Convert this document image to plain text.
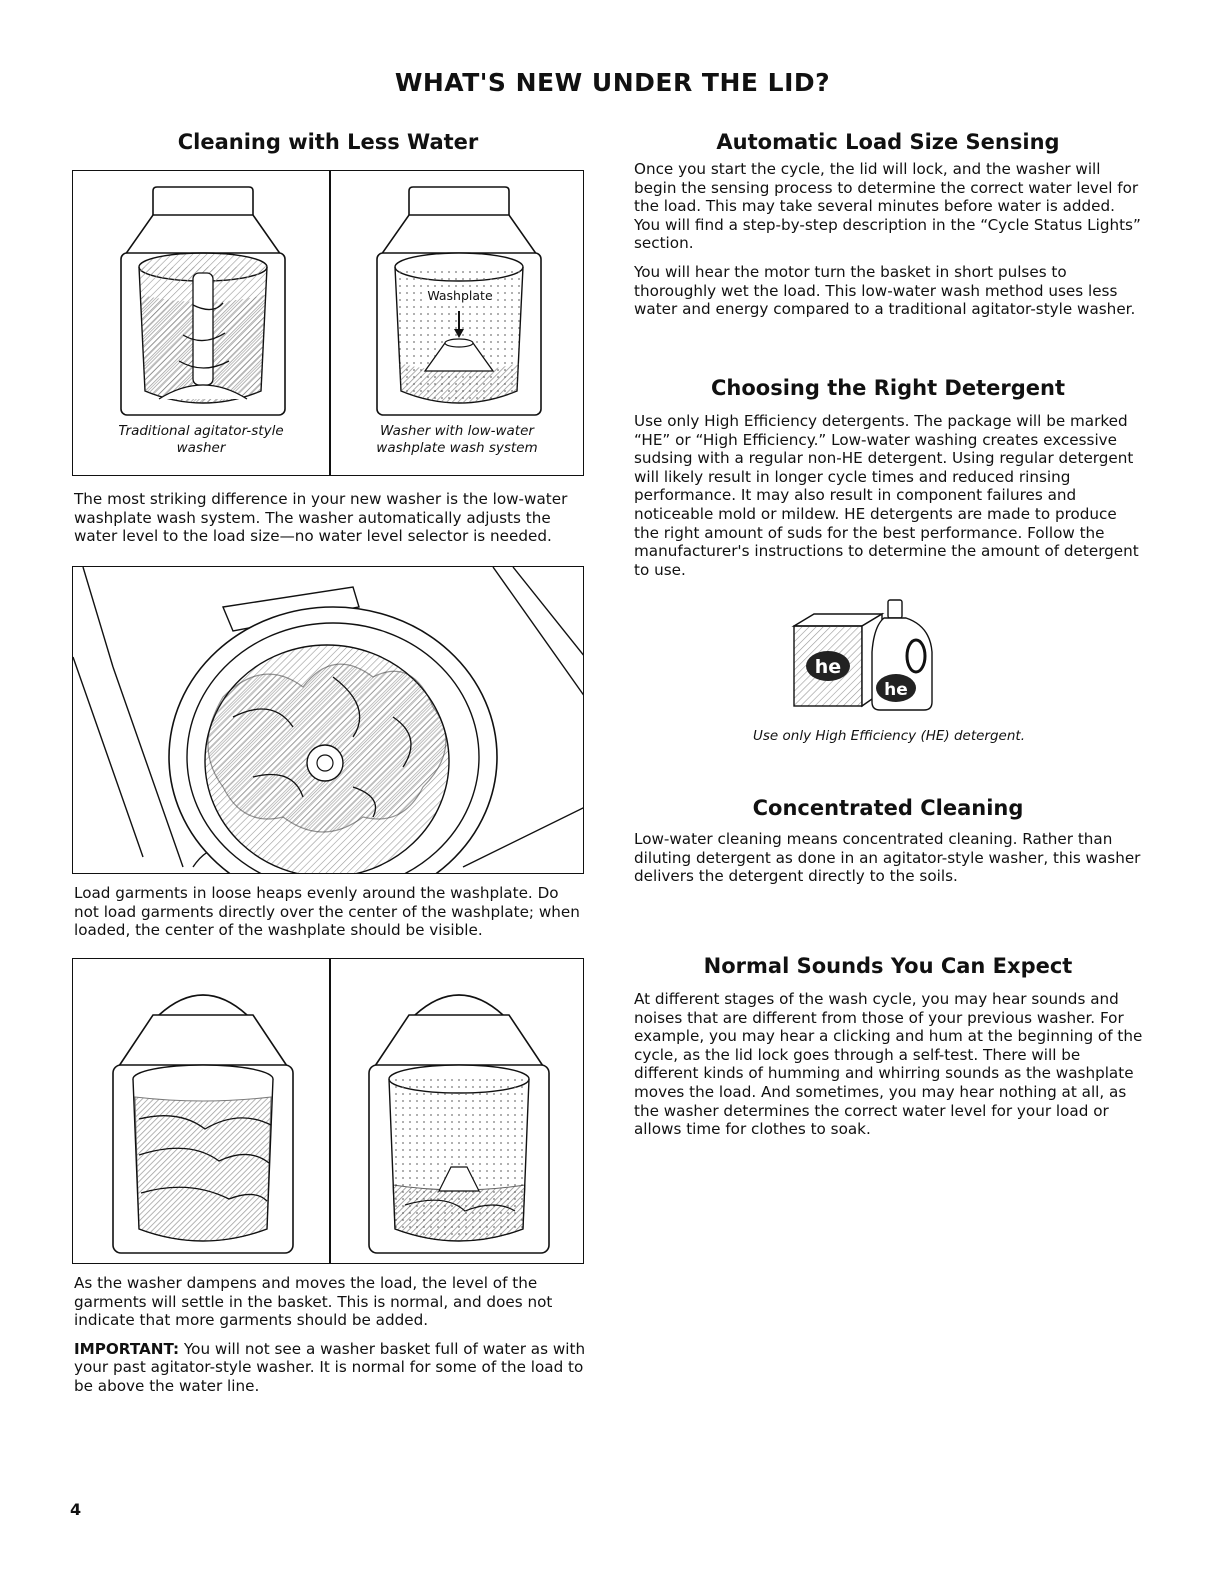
WHAT'S NEW UNDER THE LID?
Cleaning with Less Water
Traditional agitator-style washer
Washplate
Washer with low-water washplate wash system

The most striking difference in your new washer is the low-water washplate wash system. The washer automatically adjusts the water level to the load size—no water level selector is needed.

Load garments in loose heaps evenly around the washplate. Do not load garments directly over the center of the washplate; when loaded, the center of the washplate should be visible.

As the washer dampens and moves the load, the level of the garments will settle in the basket. This is normal, and does not indicate that more garments should be added.

IMPORTANT: You will not see a washer basket full of water as with your past agitator-style washer. It is normal for some of the load to be above the water line.

Automatic Load Size Sensing

Once you start the cycle, the lid will lock, and the washer will begin the sensing process to determine the correct water level for the load. This may take several minutes before water is added. You will find a step-by-step description in the “Cycle Status Lights” section.

You will hear the motor turn the basket in short pulses to thoroughly wet the load. This low-water wash method uses less water and energy compared to a traditional agitator-style washer.

Choosing the Right Detergent

Use only High Efficiency detergents. The package will be marked “HE” or “High Efficiency.” Low-water washing creates excessive sudsing with a regular non-HE detergent. Using regular detergent will likely result in longer cycle times and reduced rinsing performance. It may also result in component failures and noticeable mold or mildew. HE detergents are made to produce the right amount of suds for the best performance. Follow the manufacturer's instructions to determine the amount of detergent to use.

he
he
Use only High Efficiency (HE) detergent.
Concentrated Cleaning

Low-water cleaning means concentrated cleaning. Rather than diluting detergent as done in an agitator-style washer, this washer delivers the detergent directly to the soils.

Normal Sounds You Can Expect

At different stages of the wash cycle, you may hear sounds and noises that are different from those of your previous washer. For example, you may hear a clicking and hum at the beginning of the cycle, as the lid lock goes through a self-test. There will be different kinds of humming and whirring sounds as the washplate moves the load. And sometimes, you may hear nothing at all, as the washer determines the correct water level for your load or allows time for clothes to soak.

4
